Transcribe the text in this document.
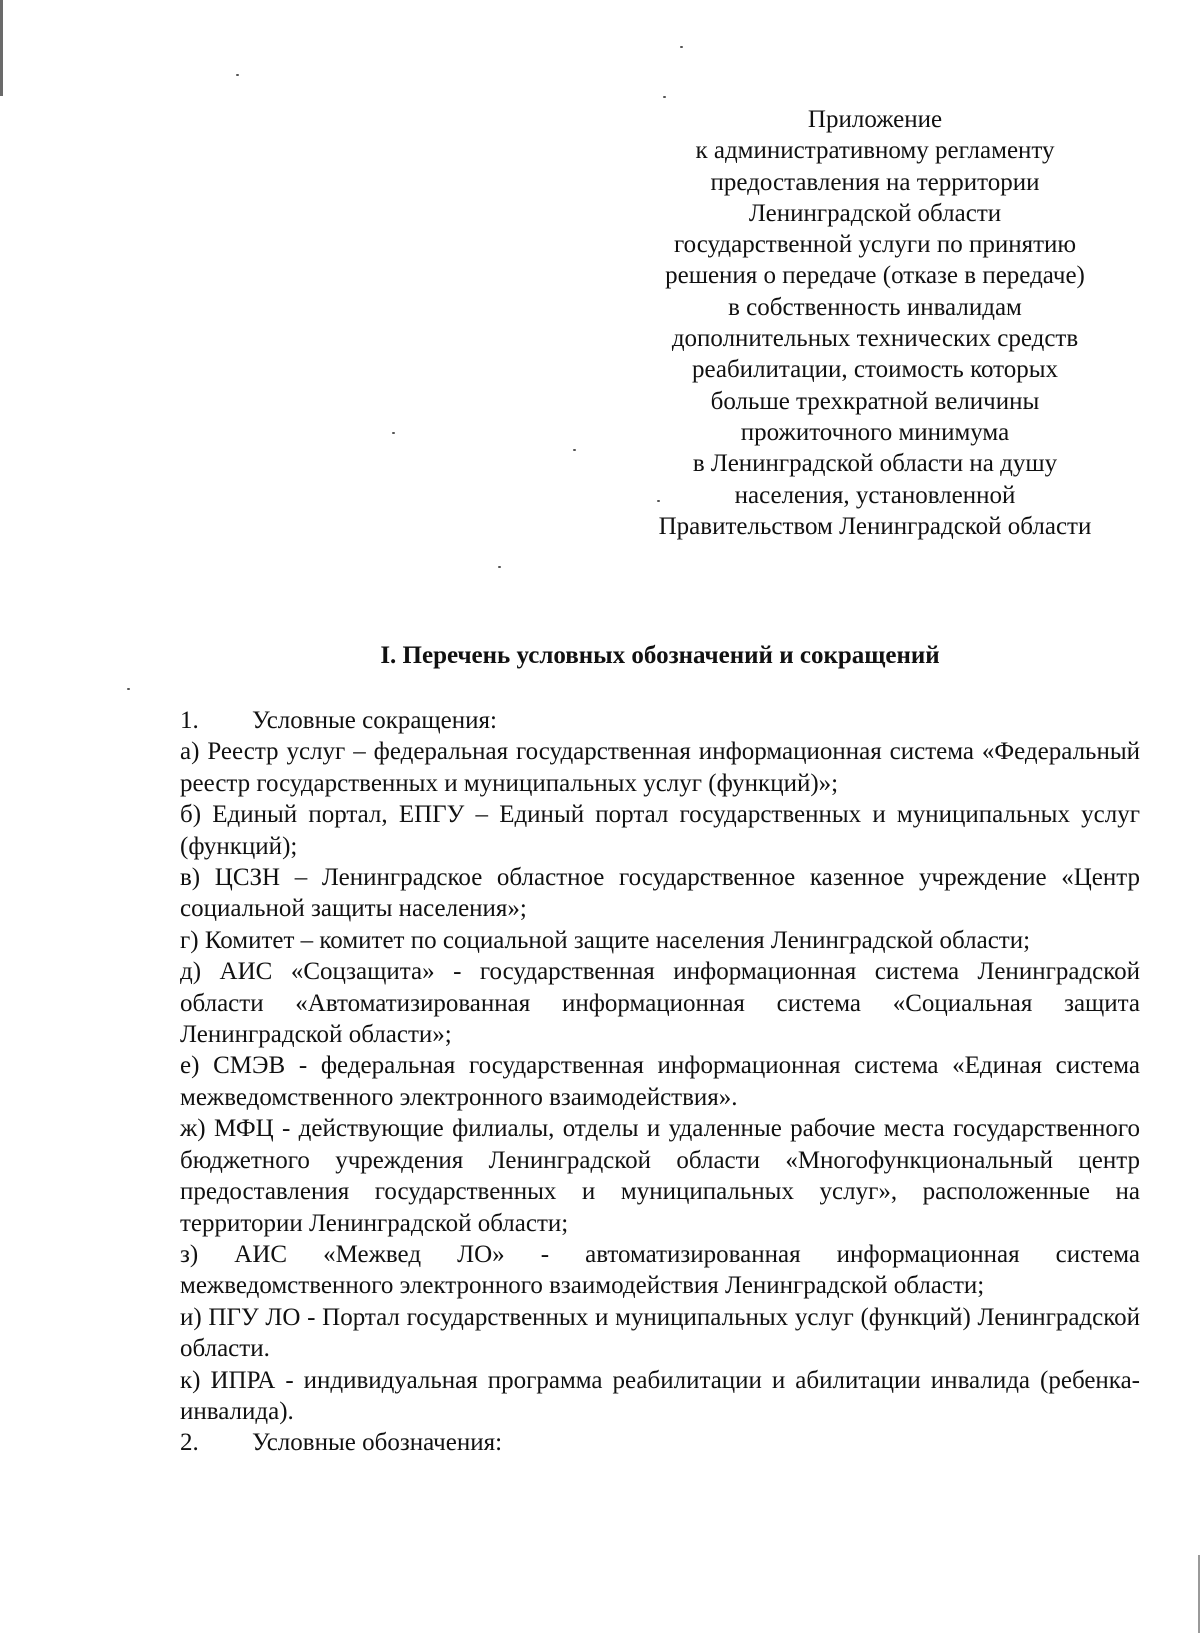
Приложение
к административному регламенту
предоставления на территории
Ленинградской области
государственной услуги по принятию
решения о передаче (отказе в передаче)
в собственность инвалидам
дополнительных технических средств
реабилитации, стоимость которых
больше трехкратной величины
прожиточного минимума
в Ленинградской области на душу
населения, установленной
Правительством Ленинградской области
I. Перечень условных обозначений и сокращений
1. Условные сокращения:
а) Реестр услуг – федеральная государственная информационная система «Федеральный реестр государственных и муниципальных услуг (функций)»;
б) Единый портал, ЕПГУ – Единый портал государственных и муниципальных услуг (функций);
в) ЦСЗН – Ленинградское областное государственное казенное учреждение «Центр социальной защиты населения»;
г) Комитет – комитет по социальной защите населения Ленинградской области;
д) АИС «Соцзащита» - государственная информационная система Ленинградской области «Автоматизированная информационная система «Социальная защита Ленинградской области»;
е) СМЭВ - федеральная государственная информационная система «Единая система межведомственного электронного взаимодействия».
ж) МФЦ - действующие филиалы, отделы и удаленные рабочие места государственного бюджетного учреждения Ленинградской области «Многофункциональный центр предоставления государственных и муниципальных услуг», расположенные на территории Ленинградской области;
з) АИС «Межвед ЛО» - автоматизированная информационная система межведомственного электронного взаимодействия Ленинградской области;
и) ПГУ ЛО - Портал государственных и муниципальных услуг (функций) Ленинградской области.
к) ИПРА - индивидуальная программа реабилитации и абилитации инвалида (ребенка-инвалида).
2. Условные обозначения:
